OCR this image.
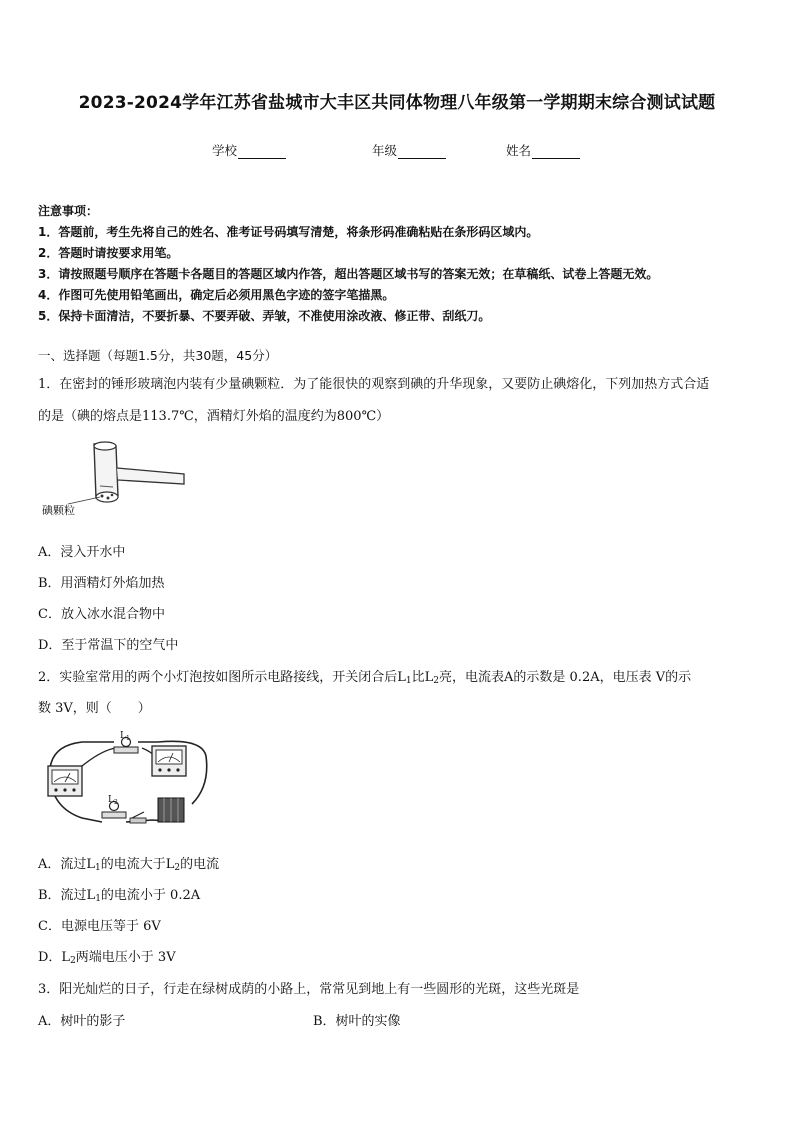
2023-2024学年江苏省盐城市大丰区共同体物理八年级第一学期期末综合测试试题
学校	年级	姓名
注意事项：
1．答题前，考生先将自己的姓名、准考证号码填写清楚，将条形码准确粘贴在条形码区域内。
2．答题时请按要求用笔。
3．请按照题号顺序在答题卡各题目的答题区域内作答，超出答题区域书写的答案无效；在草稿纸、试卷上答题无效。
4．作图可先使用铅笔画出，确定后必须用黑色字迹的签字笔描黑。
5．保持卡面清洁，不要折暴、不要弄破、弄皱，不准使用涂改液、修正带、刮纸刀。
一、选择题（每题1.5分，共30题，45分）
1．在密封的锤形玻璃泡内装有少量碘颗粒．为了能很快的观察到碘的升华现象，又要防止碘熔化，下列加热方式合适
的是（碘的熔点是113.7℃，酒精灯外焰的温度约为800℃）
碘颗粒
A．浸入开水中
B．用酒精灯外焰加热
C．放入冰水混合物中
D．至于常温下的空气中
2．实验室常用的两个小灯泡按如图所示电路接线，开关闭合后$L_1$比$L_2$亮，电流表A的示数是 0.2A，电压表 V的示
数 3V，则（　　）
$L_1$
$L_2$
A．流过$L_1$的电流大于$L_2$的电流
B．流过$L_1$的电流小于 0.2A
C．电源电压等于 6V
D．$L_2$两端电压小于 3V
3．阳光灿烂的日子，行走在绿树成荫的小路上，常常见到地上有一些圆形的光斑，这些光斑是
A．树叶的影子	B．树叶的实像
